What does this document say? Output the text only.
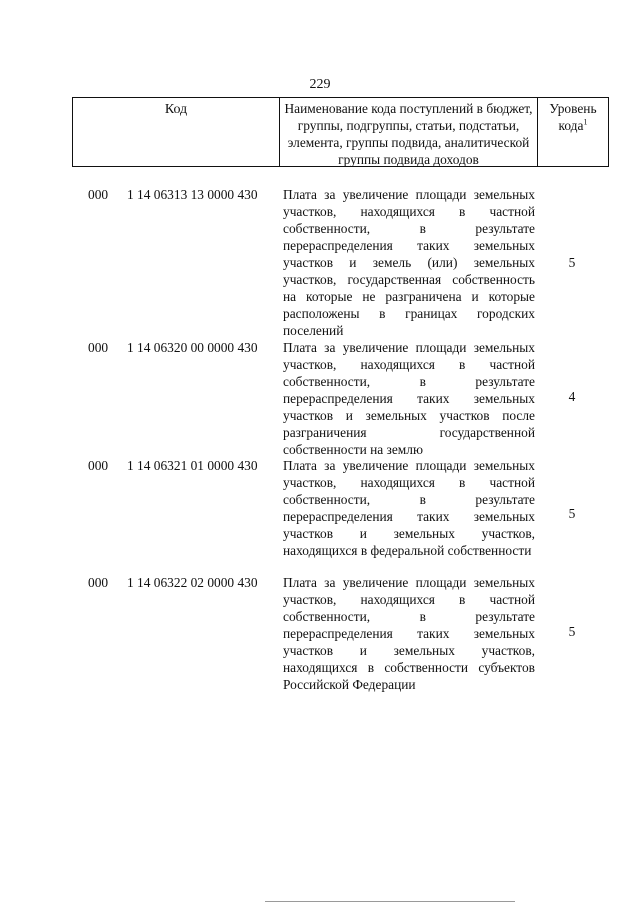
229
Код	Наименование кода поступлений в бюджет, группы, подгруппы, статьи, подстатьи, элемента, группы подвида, аналитической группы подвида доходов
Уровень кода$^1$
000 1 14 06313 13 0000 430 Плата за увеличение площади земельных участков, находящихся в частной собственности, в результате перераспределения таких земельных участков и земель (или) земельных участков, государственная собственность на которые не разграничена и которые расположены в границах городских поселений
5
000 1 14 06320 00 0000 430 Плата за увеличение площади земельных участков, находящихся в частной собственности, в результате перераспределения таких земельных участков и земельных участков после разграничения государственной собственности на землю
4
000 1 14 06321 01 0000 430 Плата за увеличение площади земельных участков, находящихся в частной собственности, в результате перераспределения таких земельных участков и земельных участков, находящихся в федеральной собственности
5
000 1 14 06322 02 0000 430 Плата за увеличение площади земельных участков, находящихся в частной собственности, в результате перераспределения таких земельных участков и земельных участков, находящихся в собственности субъектов Российской Федерации
5
